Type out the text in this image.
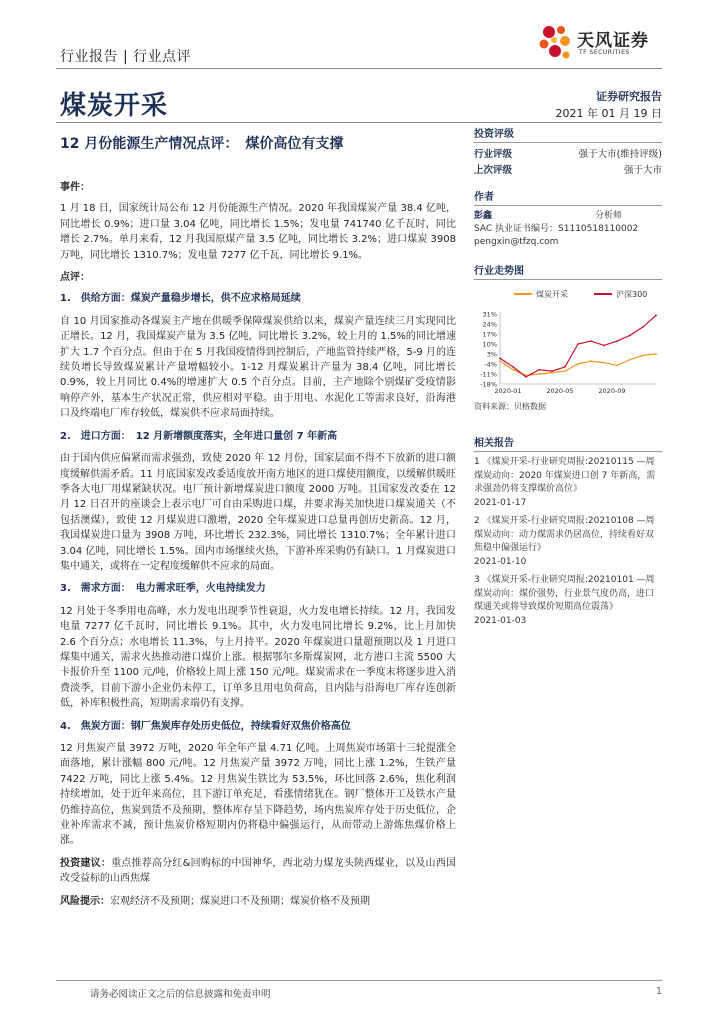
行业报告 | 行业点评
天风证券
TF SECURITIES
煤炭开采	证券研究报告
2021 年 01 月 19 日
12 月份能源生产情况点评：　煤价高位有支撑

事件：

1 月 18 日，国家统计局公布 12 月份能源生产情况。2020 年我国煤炭产量 38.4 亿吨，同比增长 0.9%；进口量 3.04 亿吨，同比增长 1.5%；发电量 741740 亿千瓦时，同比增长 2.7%。单月来看，12 月我国原煤产量 3.5 亿吨，同比增长 3.2%；进口煤炭 3908 万吨，同比增长 1310.7%；发电量 7277 亿千瓦，同比增长 9.1%。

点评：

1.　供给方面：煤炭产量稳步增长，供不应求格局延续

自 10 月国家推动各煤炭主产地在供暖季保障煤炭供给以来，煤炭产量连续三月实现同比正增长。12 月，我国煤炭产量为 3.5 亿吨，同比增长 3.2%，较上月的 1.5%的同比增速扩大 1.7 个百分点。但由于在 5 月我国疫情得到控制后，产地监管持续严格，5-9 月的连续负增长导致煤炭累计产量增幅较小。1-12 月煤炭累计产量为 38.4 亿吨，同比增长 0.9%，较上月同比 0.4%的增速扩大 0.5 个百分点。目前，主产地除个别煤矿受疫情影响停产外，基本生产状况正常，供应相对平稳。由于用电、水泥化工等需求良好，沿海港口及终端电厂库存较低，煤炭供不应求局面持续。

2.　进口方面：　12 月新增额度落实，全年进口量创 7 年新高

由于国内供应偏紧而需求强劲，致使 2020 年 12 月份，国家层面不得不下放新的进口额度缓解供需矛盾。11 月底国家发改委适度放开南方地区的进口煤使用额度，以缓解供暖旺季各大电厂用煤紧缺状况。电厂预计新增煤炭进口额度 2000 万吨。且国家发改委在 12 月 12 日召开的座谈会上表示电厂可自由采购进口煤，并要求海关加快进口煤炭通关（不包括澳煤），致使 12 月煤炭进口激增，2020 全年煤炭进口总量再创历史新高。12 月，我国煤炭进口量为 3908 万吨，环比增长 232.3%，同比增长 1310.7%；全年累计进口 3.04 亿吨，同比增长 1.5%。国内市场继续火热，下游补库采购仍有缺口。1 月煤炭进口集中通关，或将在一定程度缓解供不应求的局面。

3.　需求方面：　电力需求旺季，火电持续发力

12 月处于冬季用电高峰，水力发电出现季节性衰退，火力发电增长持续。12 月，我国发电量 7277 亿千瓦时，同比增长 9.1%。其中，火力发电同比增长 9.2%，比上月加快 2.6 个百分点；水电增长 11.3%，与上月持平。2020 年煤炭进口量超预期以及 1 月进口煤集中通关，需求火热推动港口煤价上涨。根据鄂尔多斯煤炭网，北方港口主流 5500 大卡报价升至 1100 元/吨，价格较上周上涨 150 元/吨。煤炭需求在一季度末将逐步进入消费淡季，目前下游小企业仍未停工，订单多且用电负荷高，且内陆与沿海电厂库存连创新低，补库积极性高，短期需求端仍有支撑。

4.　焦炭方面：钢厂焦炭库存处历史低位，持续看好双焦价格高位

12 月焦炭产量 3972 万吨，2020 年全年产量 4.71 亿吨。上周焦炭市场第十三轮提涨全面落地，累计涨幅 800 元/吨。12 月焦炭产量 3972 万吨，同比上涨 1.2%，生铁产量 7422 万吨，同比上涨 5.4%。12 月焦炭生铁比为 53.5%，环比回落 2.6%，焦化利润持续增加，处于近年来高位，且下游订单充足，看涨情绪犹在。钢厂整体开工及铁水产量仍维持高位，焦炭到货不及预期，整体库存呈下降趋势，场内焦炭库存处于历史低位，企业补库需求不减，预计焦炭价格短期内仍将稳中偏强运行，从而带动上游炼焦煤价格上涨。

投资建议：重点推荐高分红&回购标的中国神华，西北动力煤龙头陕西煤业，以及山西国改受益标的山西焦煤

风险提示：宏观经济不及预期；煤炭进口不及预期；煤炭价格不及预期

投资评级
行业评级	强于大市(维持评级)
上次评级	强于大市
作者
彭鑫	分析师
SAC 执业证书编号：S1110518110002
pengxin@tfzq.com
行业走势图
煤炭开采	沪深300
31%
24%
17%
10%
3%
-4%
-11%
-18%
2020-01	2020-05	2020-09
资料来源：贝格数据
相关报告

1 《煤炭开采-行业研究周报:20210115 —周煤炭动向：2020 年煤炭进口创 7 年新高，需求强劲仍将支撑煤价高位》

2021-01-17

2 《煤炭开采-行业研究周报:20210108 —周煤炭动向：动力煤需求仍居高位，持续看好双焦稳中偏强运行》

2021-01-10

3 《煤炭开采-行业研究周报:20210101 —周煤炭动向：煤价强势，行业景气度仍高，进口煤通关或将导致煤价短期高位震荡》

2021-01-03

请务必阅读正文之后的信息披露和免责申明	1
